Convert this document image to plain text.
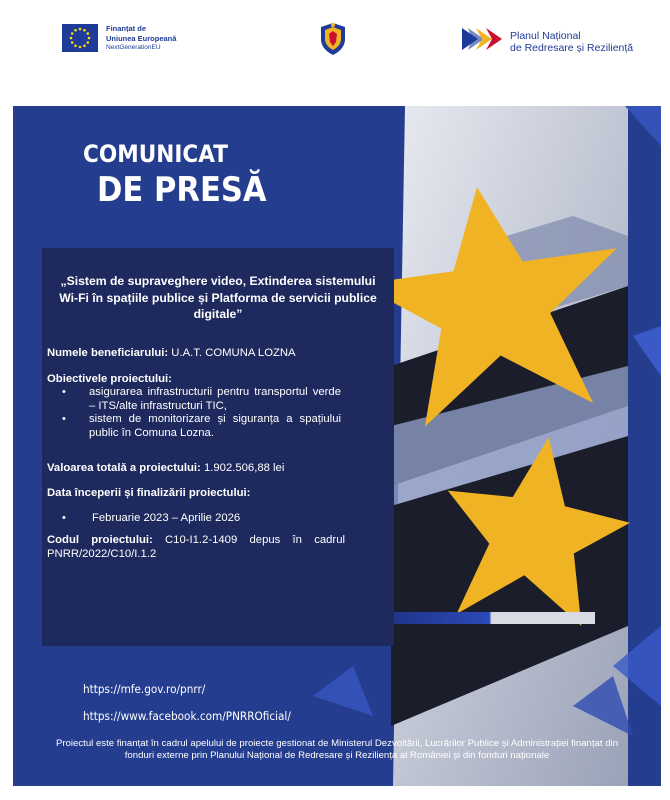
Finanțat de
Uniunea Europeană
NextGenerationEU
Planul Național
de Redresare și Reziliență
COMUNICAT
DE PRESĂ
„Sistem de supraveghere video, Extinderea sistemului Wi-Fi în spațiile publice și Platforma de servicii publice digitale”
Numele beneficiarului: U.A.T. COMUNA LOZNA
Obiectivele proiectului:
• asigurarea infrastructurii pentru transportul verde – ITS/alte infrastructuri TIC,
• sistem de monitorizare și siguranța a spațiului public în Comuna Lozna.
Valoarea totală a proiectului: 1.902.506,88 lei
Data începerii și finalizării proiectului:
• Februarie 2023 – Aprilie 2026
Codul proiectului: C10-I1.2-1409 depus în cadrul PNRR/2022/C10/I.1.2
https://mfe.gov.ro/pnrr/
https://www.facebook.com/PNRROficial/
Proiectul este finanțat în cadrul apelului de proiecte gestionat de Ministerul Dezvoltării, Lucrărilor Publice și Administrației finanțat din fonduri externe prin Planului Național de Redresare și Reziliența al României și din fonduri naționale
